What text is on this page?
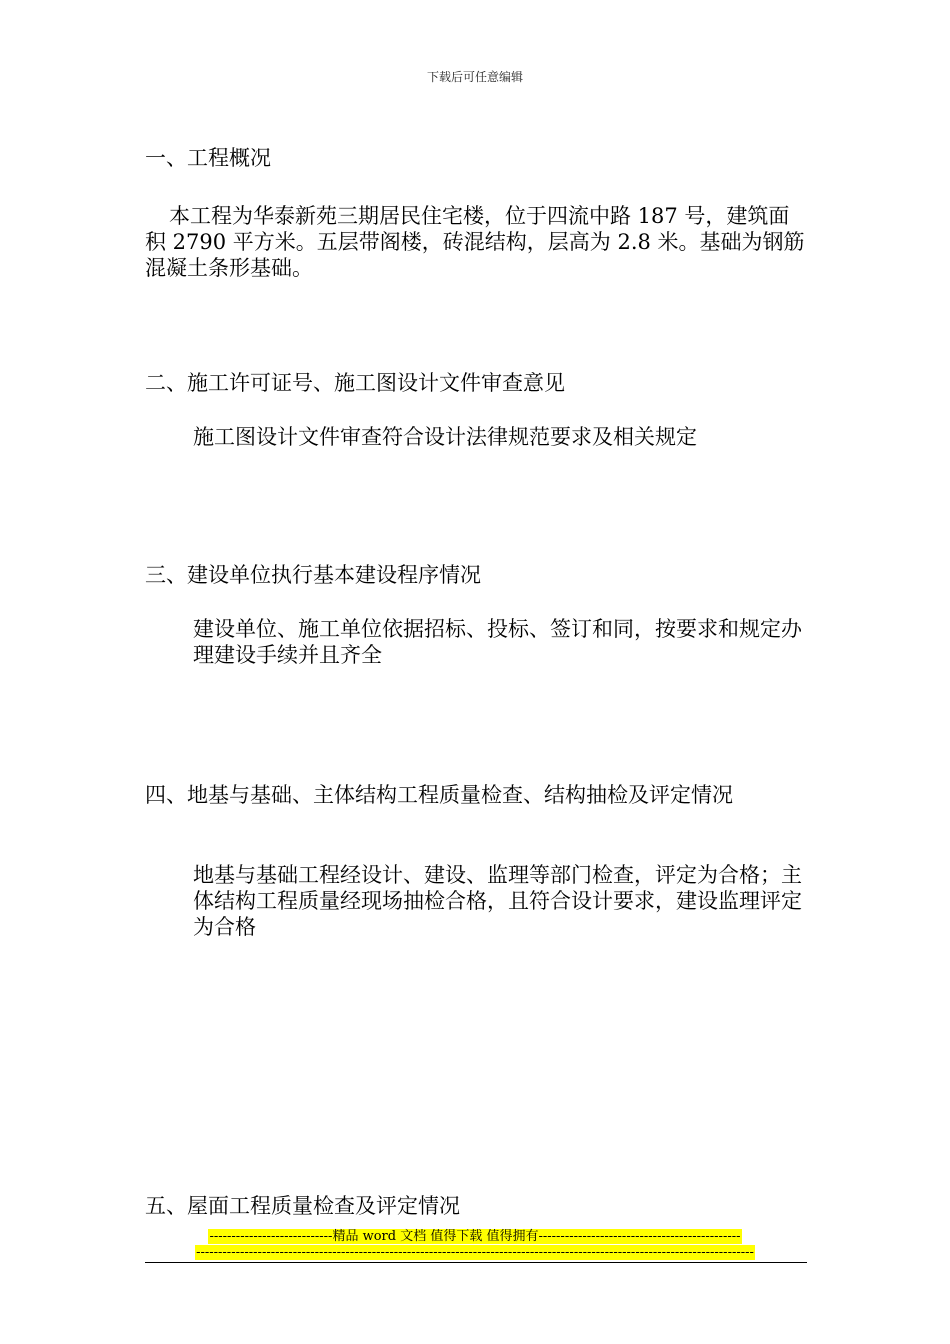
下载后可任意编辑

一、工程概况

本工程为华泰新苑三期居民住宅楼，位于四流中路 187 号，建筑面积 2790 平方米。五层带阁楼，砖混结构，层高为 2.8 米。基础为钢筋混凝土条形基础。

二、施工许可证号、施工图设计文件审查意见

施工图设计文件审查符合设计法律规范要求及相关规定

三、建设单位执行基本建设程序情况

建设单位、施工单位依据招标、投标、签订和同，按要求和规定办理建设手续并且齐全

四、地基与基础、主体结构工程质量检查、结构抽检及评定情况

地基与基础工程经设计、建设、监理等部门检查，评定为合格；主体结构工程质量经现场抽检合格，且符合设计要求，建设监理评定为合格

五、屋面工程质量检查及评定情况

----------------------------精品 word 文档 值得下载 值得拥有----------------------------------------------
-------------------------------------------------------------------------------------------------------------------------------
